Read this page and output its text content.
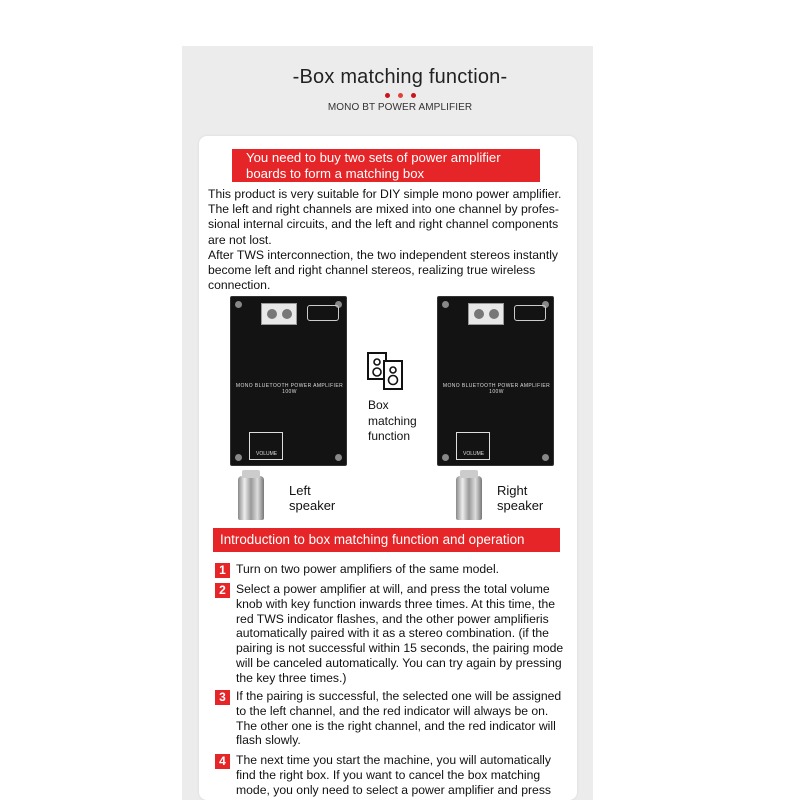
-Box matching function-
MONO BT POWER AMPLIFIER
You need to buy two sets of power amplifier
boards to form a matching box
This product is very suitable for DIY simple mono power amplifier.
The left and right channels are mixed into one channel by profes-
sional internal circuits, and the left and right channel components
are not lost.
After TWS interconnection, the two independent stereos instantly
become left and right channel stereos, realizing true wireless
connection.
MONO BLUETOOTH POWER AMPLIFIER 100W
VOLUME
Left
speaker
Box
matching
function
MONO BLUETOOTH POWER AMPLIFIER 100W
VOLUME
Right
speaker
Introduction to box matching function and operation
1 Turn on two power amplifiers of the same model.
2 Select a power amplifier at will, and press the total volume
knob with key function inwards three times. At this time, the
red TWS indicator flashes, and the other power amplifieris
automatically paired with it as a stereo combination. (if the
pairing is not successful within 15 seconds, the pairing mode
will be canceled automatically. You can try again by pressing
the key three times.)
3 If the pairing is successful, the selected one will be assigned
to the left channel, and the red indicator will always be on.
The other one is the right channel, and the red indicator will
flash slowly.
4 The next time you start the machine, you will automatically
find the right box. If you want to cancel the box matching
mode, you only need to select a power amplifier and press
